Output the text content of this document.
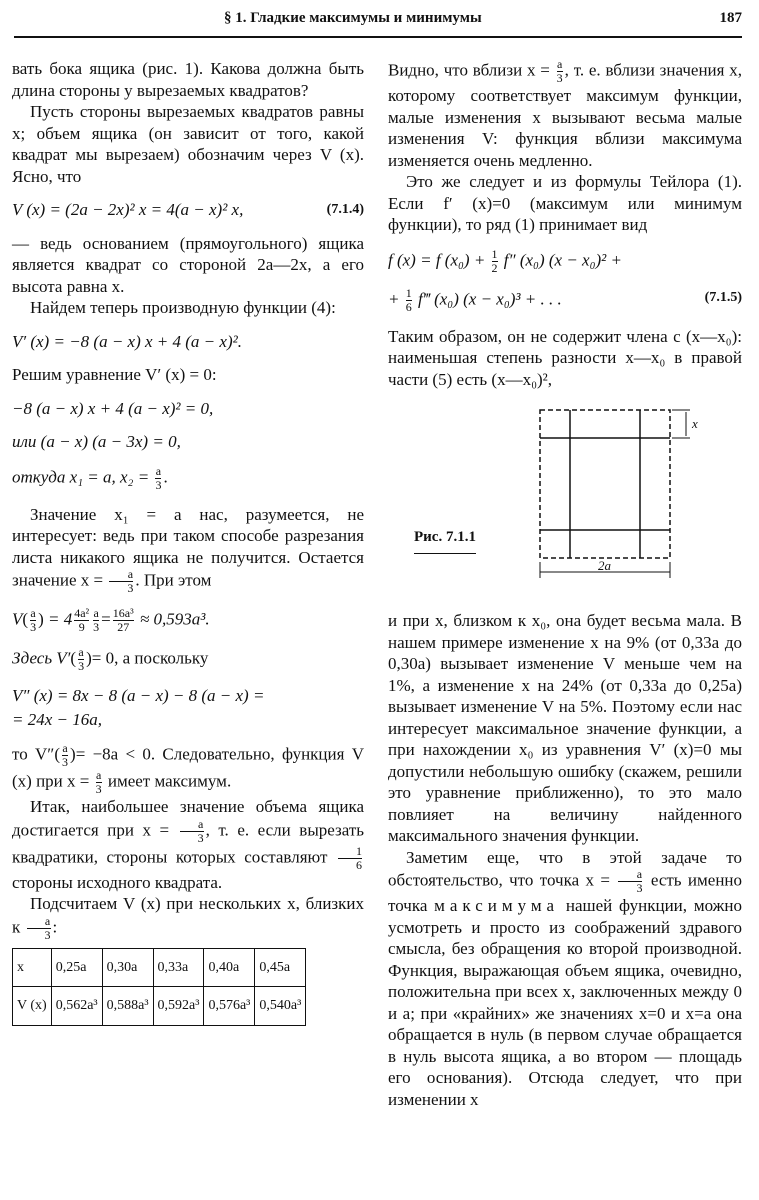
§ 1. Гладкие максимумы и минимумы	187

вать бока ящика (рис. 1). Какова должна быть длина стороны у вырезаемых квадратов?

Пусть стороны вырезаемых квадратов равны x; объем ящика (он зависит от того, какой квадрат мы вырезаем) обозначим через V (x). Ясно, что

V (x) = (2a − 2x)² x = 4(a − x)² x,	(7.1.4)

— ведь основанием (прямоугольного) ящика является квадрат со стороной 2a—2x, а его высота равна x.

Найдем теперь производную функции (4):

V′ (x) = −8 (a − x) x + 4 (a − x)².

Решим уравнение V′ (x) = 0:

−8 (a − x) x + 4 (a − x)² = 0,
или (a − x) (a − 3x) = 0,
откуда x₁ = a, $x_2 = \frac{a}{3}$ .

Значение x₁ = a нас, разумеется, не интересует: ведь при таком способе разрезания листа никакого ящика не получится. Остается значение $x = \frac{a}{3}$ . При этом

$V( \frac{a}{3}$ ) = $4 \frac{\text{4a²}}{9} \frac{a}{3} = \frac{\text{16a³}}{27} \approx 0,593a^3$.
Здесь $V'( \frac{a}{3}$ )= 0, а поскольку
V″ (x) = 8x − 8 (a − x) − 8 (a − x) =
= 24x − 16a,

то $V''( \frac{a}{3}$ )= −8a < 0. Следовательно, функция V (x) при $x = \frac{a}{3}$ имеет максимум.

Итак, наибольшее значение объема ящика достигается при $x = \frac{a}{3}$ , т. е. если вырезать квадратики, стороны которых составляют $\frac{1}{6}$
стороны исходного квадрата.

Подсчитаем V (x) при нескольких x, близких к $\frac{a}{3}$ :

x	0,25a	0,30a	0,33a	0,40a	0,45a
V (x)	0,562a³	0,588a³	0,592a³	0,576a³	0,540a³

Видно, что вблизи $x = \frac{a}{3}$ , т. е. вблизи значения x, которому соответствует максимум функции, малые изменения x вызывают весьма малые изменения V: функция вблизи максимума изменяется очень медленно.

Это же следует и из формулы Тейлора (1). Если f′ (x)=0 (максимум или минимум функции), то ряд (1) принимает вид

f (x) = f $(x_0) + \frac{1}{2} f''$ (x₀) (x − x₀)² +
+ $\frac{1}{6}$ f‴ (x₀) (x − x₀)³ + . . .	(7.1.5)

Таким образом, он не содержит члена с (x—x₀): наименьшая степень разности x—x₀ в правой части (5) есть (x—x₀)²,

Рис. 7.1.1
x
2a

и при x, близком к x₀, она будет весьма мала. В нашем примере изменение x на 9% (от 0,33a до 0,30a) вызывает изменение V меньше чем на 1%, а изменение x на 24% (от 0,33a до 0,25a) вызывает изменение V на 5%. Поэтому если нас интересует максимальное значение функции, а при нахождении x₀ из уравнения V′ (x)=0 мы допустили небольшую ошибку (скажем, решили это уравнение приближенно), то это мало повлияет на величину найденного максимального значения функции.

Заметим еще, что в этой задаче то обстоятельство, что точка $x = \frac{a}{3}$ есть именно точка максимума нашей функции, можно усмотреть и просто из соображений здравого смысла, без обращения ко второй производной. Функция, выражающая объем ящика, очевидно, положительна при всех x, заключенных между 0 и a; при «крайних» же значениях x=0 и x=a она обращается в нуль (в первом случае обращается в нуль высота ящика, а во втором — площадь его основания). Отсюда следует, что при изменении x
